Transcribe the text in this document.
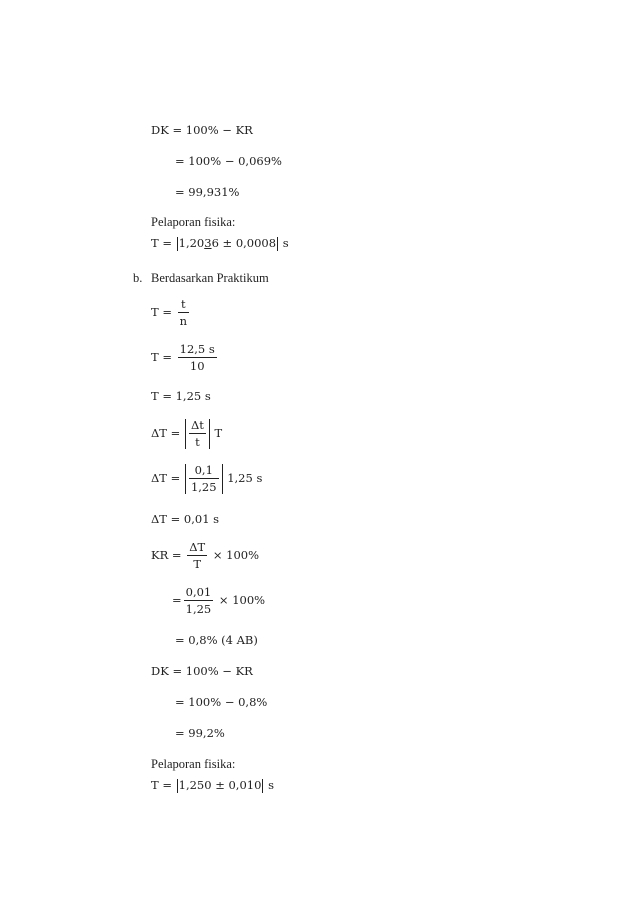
DK = 100% − KR
= 100% − 0,069%
= 99,931%
Pelaporan fisika:
T = 1,2036 ± 0,0008 s
b. Berdasarkan Praktikum
$T = \frac{t}{n}$
$T = \frac{12,5 s}{10}$
T = 1,25 s
$\Delta T = \frac{\Delta t}{t}$ T
$\Delta T = \frac{0,1}{1,25} 1,25$ s
ΔT = 0,01 s
KR = $\frac{\Delta T}{T} \times 100\%$
= $\frac{0,01}{1,25} \times 100\%$
= 0,8% (4 AB)
DK = 100% − KR
= 100% − 0,8%
= 99,2%
Pelaporan fisika:
T = 1,250 ± 0,010 s
